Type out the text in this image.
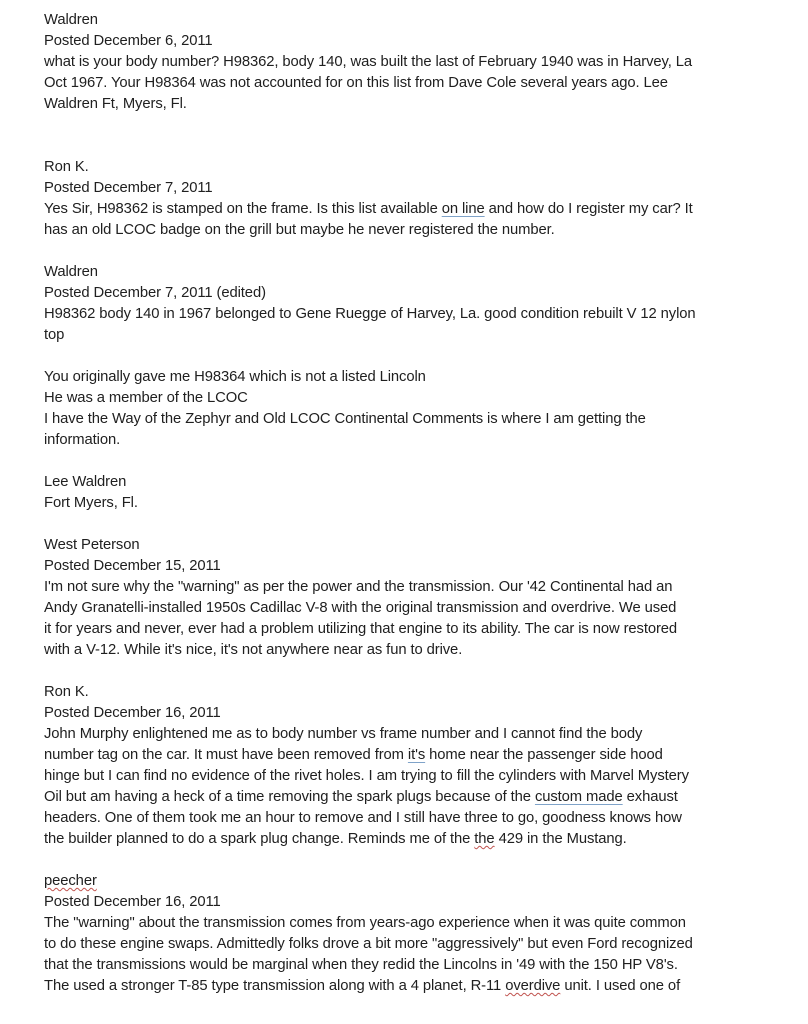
Waldren
Posted December 6, 2011
what is your body number? H98362, body 140, was built the last of February 1940 was in Harvey, La
Oct 1967. Your H98364 was not accounted for on this list from Dave Cole several years ago. Lee
Waldren Ft, Myers, Fl.
Ron K.
Posted December 7, 2011
Yes Sir, H98362 is stamped on the frame. Is this list available on line and how do I register my car? It
has an old LCOC badge on the grill but maybe he never registered the number.
Waldren
Posted December 7, 2011 (edited)
H98362 body 140 in 1967 belonged to Gene Ruegge of Harvey, La. good condition rebuilt V 12 nylon
top
You originally gave me H98364 which is not a listed Lincoln
He was a member of the LCOC
I have the Way of the Zephyr and Old LCOC Continental Comments is where I am getting the
information.
Lee Waldren
Fort Myers, Fl.
West Peterson
Posted December 15, 2011
I'm not sure why the "warning" as per the power and the transmission. Our '42 Continental had an
Andy Granatelli-installed 1950s Cadillac V-8 with the original transmission and overdrive. We used
it for years and never, ever had a problem utilizing that engine to its ability. The car is now restored
with a V-12. While it's nice, it's not anywhere near as fun to drive.
Ron K.
Posted December 16, 2011
John Murphy enlightened me as to body number vs frame number and I cannot find the body
number tag on the car. It must have been removed from it's home near the passenger side hood
hinge but I can find no evidence of the rivet holes. I am trying to fill the cylinders with Marvel Mystery
Oil but am having a heck of a time removing the spark plugs because of the custom made exhaust
headers. One of them took me an hour to remove and I still have three to go, goodness knows how
the builder planned to do a spark plug change. Reminds me of the the 429 in the Mustang.
peecher
Posted December 16, 2011
The "warning" about the transmission comes from years-ago experience when it was quite common
to do these engine swaps. Admittedly folks drove a bit more "aggressively" but even Ford recognized
that the transmissions would be marginal when they redid the Lincolns in '49 with the 150 HP V8's.
The used a stronger T-85 type transmission along with a 4 planet, R-11 overdive unit. I used one of
